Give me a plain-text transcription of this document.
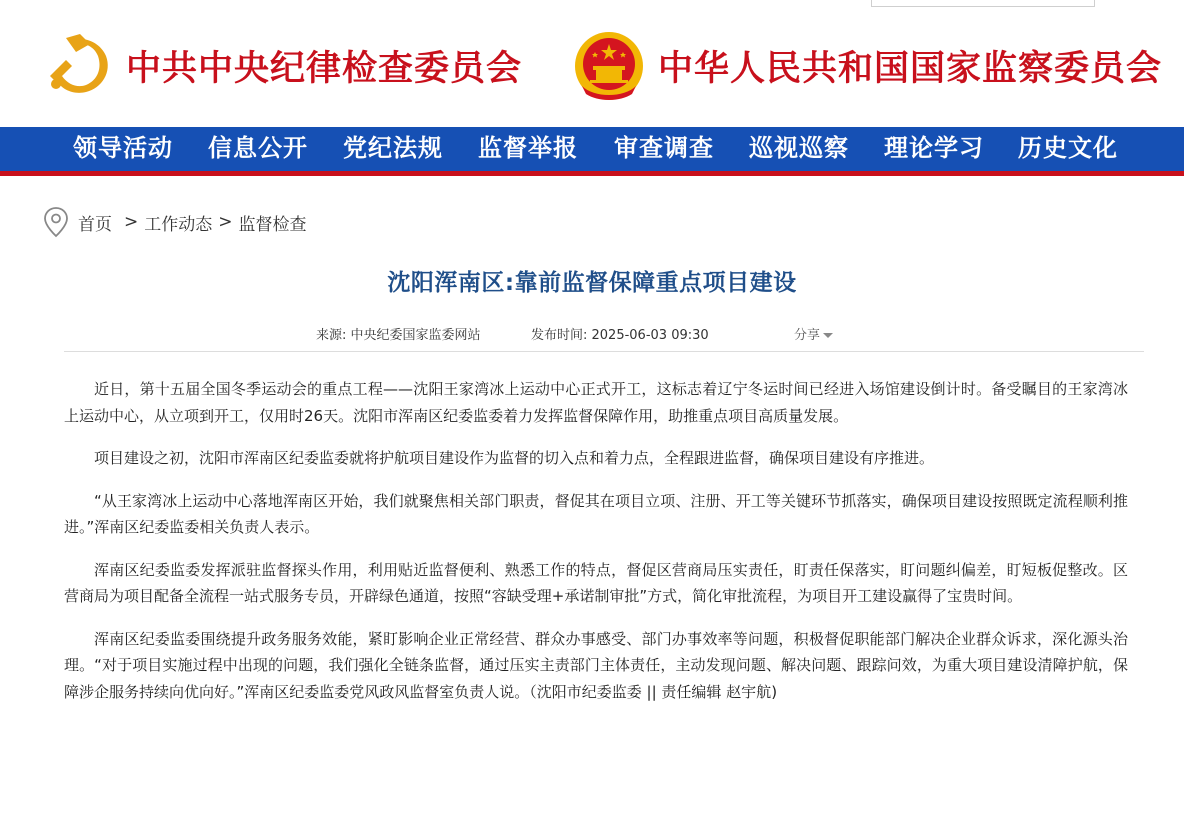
中共中央纪律检查委员会	中华人民共和国国家监察委员会
领导活动 信息公开 党纪法规 监督举报 审查调查 巡视巡察 理论学习 历史文化
首页 > 工作动态 > 监督检查
沈阳浑南区:靠前监督保障重点项目建设
来源: 中央纪委国家监委网站	发布时间: 2025-06-03 09:30	分享

近日，第十五届全国冬季运动会的重点工程——沈阳王家湾冰上运动中心正式开工，这标志着辽宁冬运时间已经进入场馆建设倒计时。备受瞩目的王家湾冰上运动中心，从立项到开工，仅用时26天。沈阳市浑南区纪委监委着力发挥监督保障作用，助推重点项目高质量发展。

项目建设之初，沈阳市浑南区纪委监委就将护航项目建设作为监督的切入点和着力点，全程跟进监督，确保项目建设有序推进。

“从王家湾冰上运动中心落地浑南区开始，我们就聚焦相关部门职责，督促其在项目立项、注册、开工等关键环节抓落实，确保项目建设按照既定流程顺利推进。”浑南区纪委监委相关负责人表示。

浑南区纪委监委发挥派驻监督探头作用，利用贴近监督便利、熟悉工作的特点，督促区营商局压实责任，盯责任保落实，盯问题纠偏差，盯短板促整改。区营商局为项目配备全流程一站式服务专员，开辟绿色通道，按照“容缺受理+承诺制审批”方式，简化审批流程，为项目开工建设赢得了宝贵时间。

浑南区纪委监委围绕提升政务服务效能，紧盯影响企业正常经营、群众办事感受、部门办事效率等问题，积极督促职能部门解决企业群众诉求，深化源头治理。“对于项目实施过程中出现的问题，我们强化全链条监督，通过压实主责部门主体责任，主动发现问题、解决问题、跟踪问效，为重大项目建设清障护航，保障涉企服务持续向优向好。”浑南区纪委监委党风政风监督室负责人说。（沈阳市纪委监委 || 责任编辑 赵宇航)
